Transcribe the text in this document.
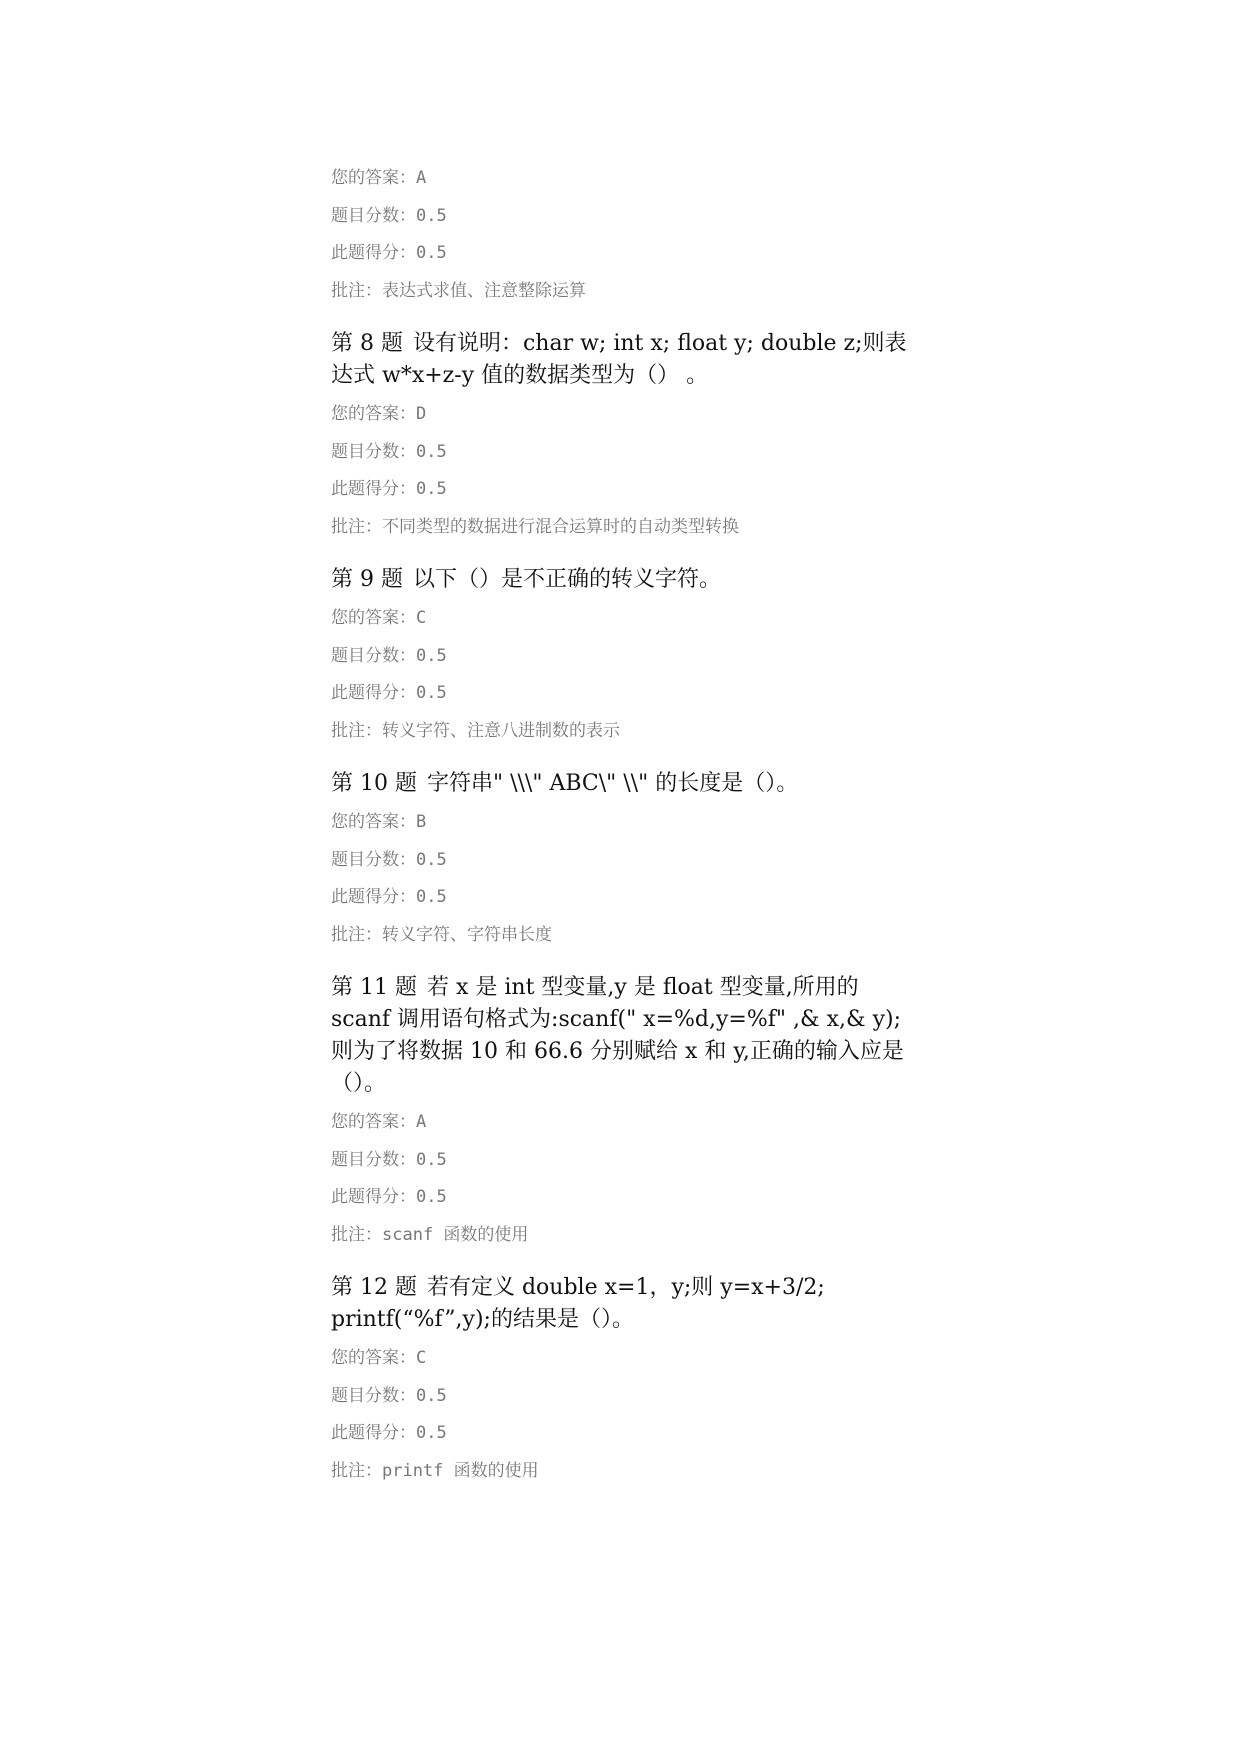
您的答案：A
题目分数：0.5
此题得分：0.5
批注：表达式求值、注意整除运算
第 8 题 设有说明：char w; int x; float y; double z;则表达式 w*x+z-y 值的数据类型为（） 。
您的答案：D
题目分数：0.5
此题得分：0.5
批注：不同类型的数据进行混合运算时的自动类型转换
第 9 题 以下（）是不正确的转义字符。
您的答案：C
题目分数：0.5
此题得分：0.5
批注：转义字符、注意八进制数的表示
第 10 题 字符串" \\\" ABC\" \\" 的长度是（）。
您的答案：B
题目分数：0.5
此题得分：0.5
批注：转义字符、字符串长度
第 11 题 若 x 是 int 型变量,y 是 float 型变量,所用的 scanf 调用语句格式为:scanf(" x=%d,y=%f" ,& x,& y); 则为了将数据 10 和 66.6 分别赋给 x 和 y,正确的输入应是（）。
您的答案：A
题目分数：0.5
此题得分：0.5
批注：scanf 函数的使用
第 12 题 若有定义 double x=1，y;则 y=x+3/2; printf(“%f”,y);的结果是（）。
您的答案：C
题目分数：0.5
此题得分：0.5
批注：printf 函数的使用
